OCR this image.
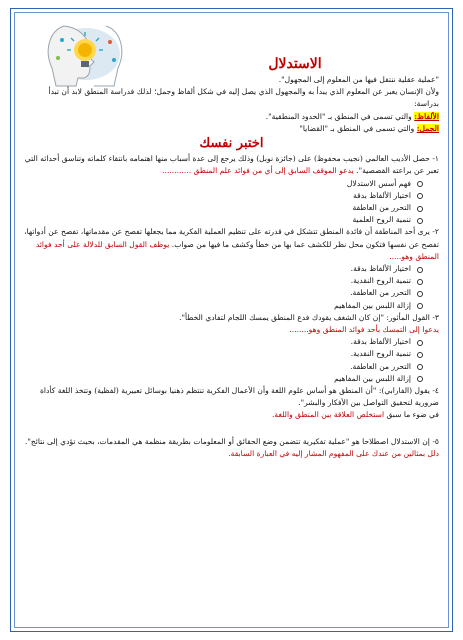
الاستدلال

"عملية عقلية ننتقل فيها من المعلوم إلى المجهول".

ولأن الإنسان يعبر عن المعلوم الذي يبدأ به والمجهول الذي يصل إليه في شكل ألفاظ وجمل؛ لذلك فدراسة المنطق لابد أن تبدأ بدراسة:

الألفاظ: والتي تسمى في المنطق بـ "الحدود المنطقية".

الجمل: والتي تسمى في المنطق بـ "القضايا"

اختبر نفسك

١- حصل الأديب العالمي (نجيب محفوظ) على (جائزة نوبل) وذلك يرجع إلى عدة أسباب منها اهتمامه بانتقاء كلماته وتناسق أحداثه التي تعبر عن براعته القصصية". يدعو الموقف السابق إلى أي من فوائد علم المنطق ............

فهم أسس الاستدلال
اختيار الألفاظ بدقة
التحرر من العاطفة
تنمية الروح العلمية

٢- يرى أحد المناطقة أن فائدة المنطق تتشكل في قدرته على تنظيم العملية الفكرية مما يجعلها تفصح عن مقدماتها، تفصح عن أدواتها، تفصح عن نفسها فتكون محل نظر للكشف عما بها من خطأ وكشف ما فيها من صواب. يوظف القول السابق للدلالة على أحد فوائد المنطق وهو.....

اختيار الألفاظ بدقة.
تنمية الروح النقدية.
التحرر من العاطفة.
إزالة اللبس بين المفاهيم

٣- القول المأثور: "إن كان الشغف يقودك فدع المنطق يمسك اللجام لتفادي الخطأ".

يدعوا إلى التمسك بأحد فوائد المنطق وهو........

اختيار الألفاظ بدقة.
تنمية الروح النقدية.
التحرر من العاطفة.
إزالة اللبس بين المفاهيم

٤- يقول (الفارابي): "أن المنطق هو أساس علوم اللغة وأن الأعمال الفكرية تنتظم ذهنيا بوسائل تعبيرية (لفظية) وتتخذ اللغة كأداة ضرورية لتحقيق التواصل بين الأفكار والبشر".

في ضوء ما سبق استخلص العلاقة بين المنطق واللغة.

٥- إن الاستدلال اصطلاحا هو "عملية تفكيرية تتضمن وضع الحقائق أو المعلومات بطريقة منظمة هي المقدمات، بحيث تؤدي إلى نتائج".

دلل بمثالين من عندك على المفهوم المشار إليه في العبارة السابقة.
